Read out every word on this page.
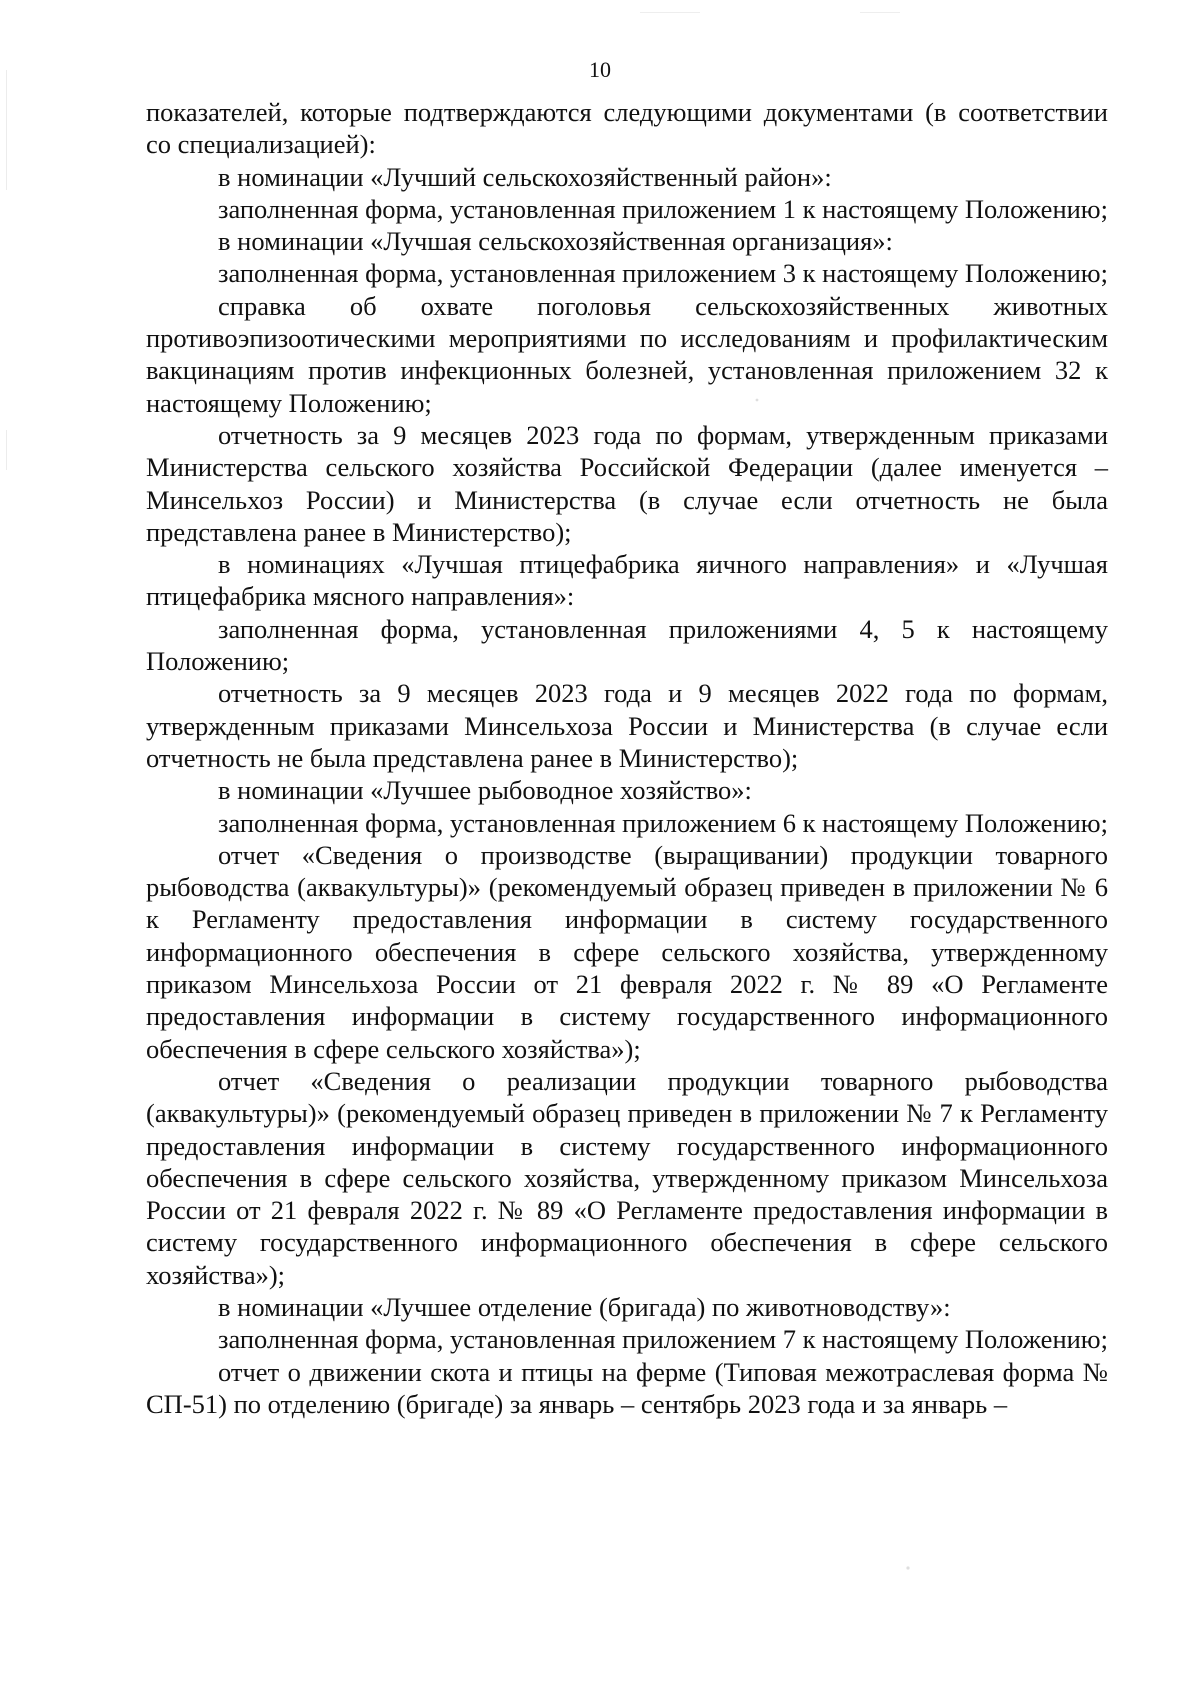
10

показателей, которые подтверждаются следующими документами (в соответствии со специализацией):

в номинации «Лучший сельскохозяйственный район»:

заполненная форма, установленная приложением 1 к настоящему Положению;

в номинации «Лучшая сельскохозяйственная организация»:

заполненная форма, установленная приложением 3 к настоящему Положению;

справка об охвате поголовья сельскохозяйственных животных противоэпизоотическими мероприятиями по исследованиям и профилактическим вакцинациям против инфекционных болезней, установленная приложением 32 к настоящему Положению;

отчетность за 9 месяцев 2023 года по формам, утвержденным приказами Министерства сельского хозяйства Российской Федерации (далее именуется – Минсельхоз России) и Министерства (в случае если отчетность не была представлена ранее в Министерство);

в номинациях «Лучшая птицефабрика яичного направления» и «Лучшая птицефабрика мясного направления»:

заполненная форма, установленная приложениями 4, 5 к настоящему Положению;

отчетность за 9 месяцев 2023 года и 9 месяцев 2022 года по формам, утвержденным приказами Минсельхоза России и Министерства (в случае если отчетность не была представлена ранее в Министерство);

в номинации «Лучшее рыбоводное хозяйство»:

заполненная форма, установленная приложением 6 к настоящему Положению;

отчет «Сведения о производстве (выращивании) продукции товарного рыбоводства (аквакультуры)» (рекомендуемый образец приведен в приложении № 6 к Регламенту предоставления информации в систему государственного информационного обеспечения в сфере сельского хозяйства, утвержденному приказом Минсельхоза России от 21 февраля 2022 г. № 89 «О Регламенте предоставления информации в систему государственного информационного обеспечения в сфере сельского хозяйства»);

отчет «Сведения о реализации продукции товарного рыбоводства (аквакультуры)» (рекомендуемый образец приведен в приложении № 7 к Регламенту предоставления информации в систему государственного информационного обеспечения в сфере сельского хозяйства, утвержденному приказом Минсельхоза России от 21 февраля 2022 г. № 89 «О Регламенте предоставления информации в систему государственного информационного обеспечения в сфере сельского хозяйства»);

в номинации «Лучшее отделение (бригада) по животноводству»:

заполненная форма, установленная приложением 7 к настоящему Положению;

отчет о движении скота и птицы на ферме (Типовая межотраслевая форма № СП-51) по отделению (бригаде) за январь – сентябрь 2023 года и за январь –
